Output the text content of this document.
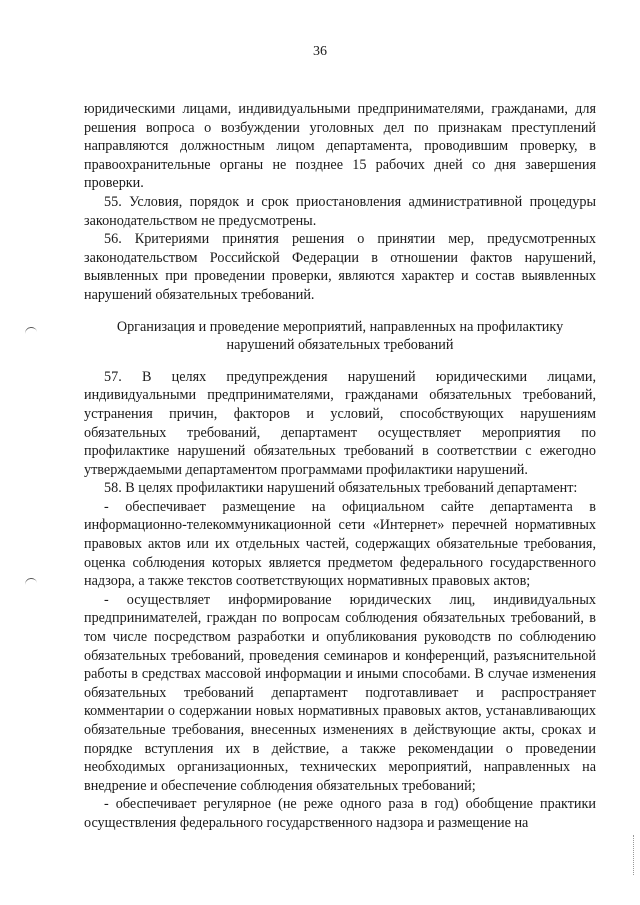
36

юридическими лицами, индивидуальными предпринимателями, гражданами, для решения вопроса о возбуждении уголовных дел по признакам преступлений направляются должностным лицом департамента, проводившим проверку, в правоохранительные органы не позднее 15 рабочих дней со дня завершения проверки.

55. Условия, порядок и срок приостановления административной процедуры законодательством не предусмотрены.

56. Критериями принятия решения о принятии мер, предусмотренных законодательством Российской Федерации в отношении фактов нарушений, выявленных при проведении проверки, являются характер и состав выявленных нарушений обязательных требований.

Организация и проведение мероприятий, направленных на профилактику нарушений обязательных требований

57. В целях предупреждения нарушений юридическими лицами, индивидуальными предпринимателями, гражданами обязательных требований, устранения причин, факторов и условий, способствующих нарушениям обязательных требований, департамент осуществляет мероприятия по профилактике нарушений обязательных требований в соответствии с ежегодно утверждаемыми департаментом программами профилактики нарушений.

58. В целях профилактики нарушений обязательных требований департамент:

- обеспечивает размещение на официальном сайте департамента в информационно-телекоммуникационной сети «Интернет» перечней нормативных правовых актов или их отдельных частей, содержащих обязательные требования, оценка соблюдения которых является предметом федерального государственного надзора, а также текстов соответствующих нормативных правовых актов;

- осуществляет информирование юридических лиц, индивидуальных предпринимателей, граждан по вопросам соблюдения обязательных требований, в том числе посредством разработки и опубликования руководств по соблюдению обязательных требований, проведения семинаров и конференций, разъяснительной работы в средствах массовой информации и иными способами. В случае изменения обязательных требований департамент подготавливает и распространяет комментарии о содержании новых нормативных правовых актов, устанавливающих обязательные требования, внесенных изменениях в действующие акты, сроках и порядке вступления их в действие, а также рекомендации о проведении необходимых организационных, технических мероприятий, направленных на внедрение и обеспечение соблюдения обязательных требований;

- обеспечивает регулярное (не реже одного раза в год) обобщение практики осуществления федерального государственного надзора и размещение на
